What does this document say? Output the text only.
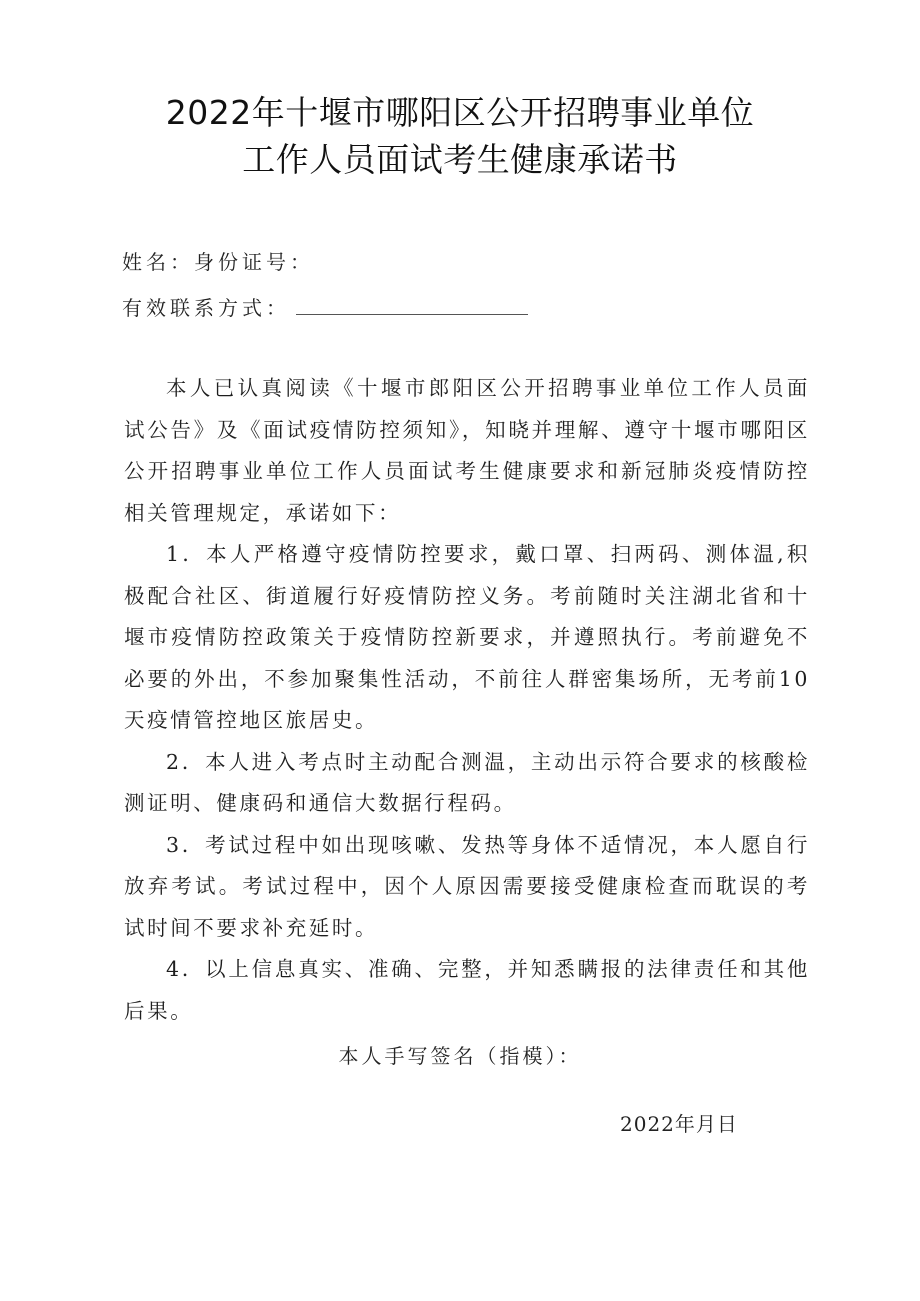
2022年十堰市哪阳区公开招聘事业单位
工作人员面试考生健康承诺书
姓名：身份证号：
有效联系方式：

本人已认真阅读《十堰市郎阳区公开招聘事业单位工作人员面试公告》及《面试疫情防控须知》，知晓并理解、遵守十堰市哪阳区公开招聘事业单位工作人员面试考生健康要求和新冠肺炎疫情防控相关管理规定，承诺如下：

1．本人严格遵守疫情防控要求，戴口罩、扫两码、测体温,积极配合社区、街道履行好疫情防控义务。考前随时关注湖北省和十堰市疫情防控政策关于疫情防控新要求，并遵照执行。考前避免不必要的外出，不参加聚集性活动，不前往人群密集场所，无考前10天疫情管控地区旅居史。

2．本人进入考点时主动配合测温，主动出示符合要求的核酸检测证明、健康码和通信大数据行程码。

3．考试过程中如出现咳嗽、发热等身体不适情况，本人愿自行放弃考试。考试过程中，因个人原因需要接受健康检查而耽误的考试时间不要求补充延时。

4．以上信息真实、准确、完整，并知悉瞒报的法律责任和其他后果。

本人手写签名（指模）：
2022年月日
